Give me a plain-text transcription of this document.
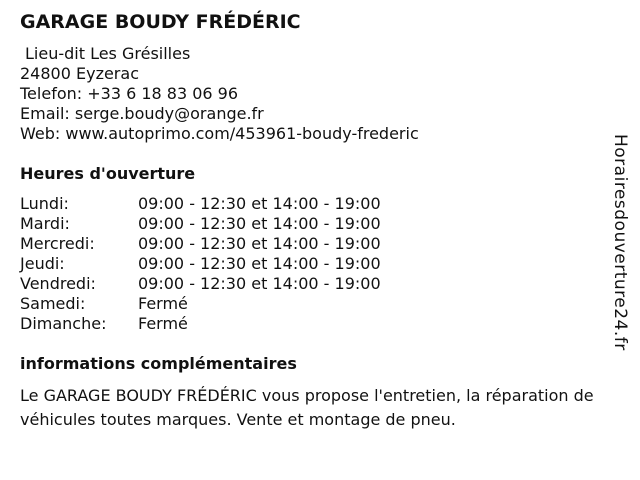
GARAGE BOUDY FRÉDÉRIC
Lieu-dit Les Grésilles
24800 Eyzerac
Telefon: +33 6 18 83 06 96
Email: serge.boudy@orange.fr
Web: www.autoprimo.com/453961-boudy-frederic
Heures d'ouverture
Lundi:	09:00 - 12:30 et 14:00 - 19:00
Mardi:	09:00 - 12:30 et 14:00 - 19:00
Mercredi:	09:00 - 12:30 et 14:00 - 19:00
Jeudi:	09:00 - 12:30 et 14:00 - 19:00
Vendredi:	09:00 - 12:30 et 14:00 - 19:00
Samedi:	Fermé
Dimanche:	Fermé
informations complémentaires

Le GARAGE BOUDY FRÉDÉRIC vous propose l'entretien, la réparation de véhicules toutes marques. Vente et montage de pneu.

Horairesdouverture24.fr
